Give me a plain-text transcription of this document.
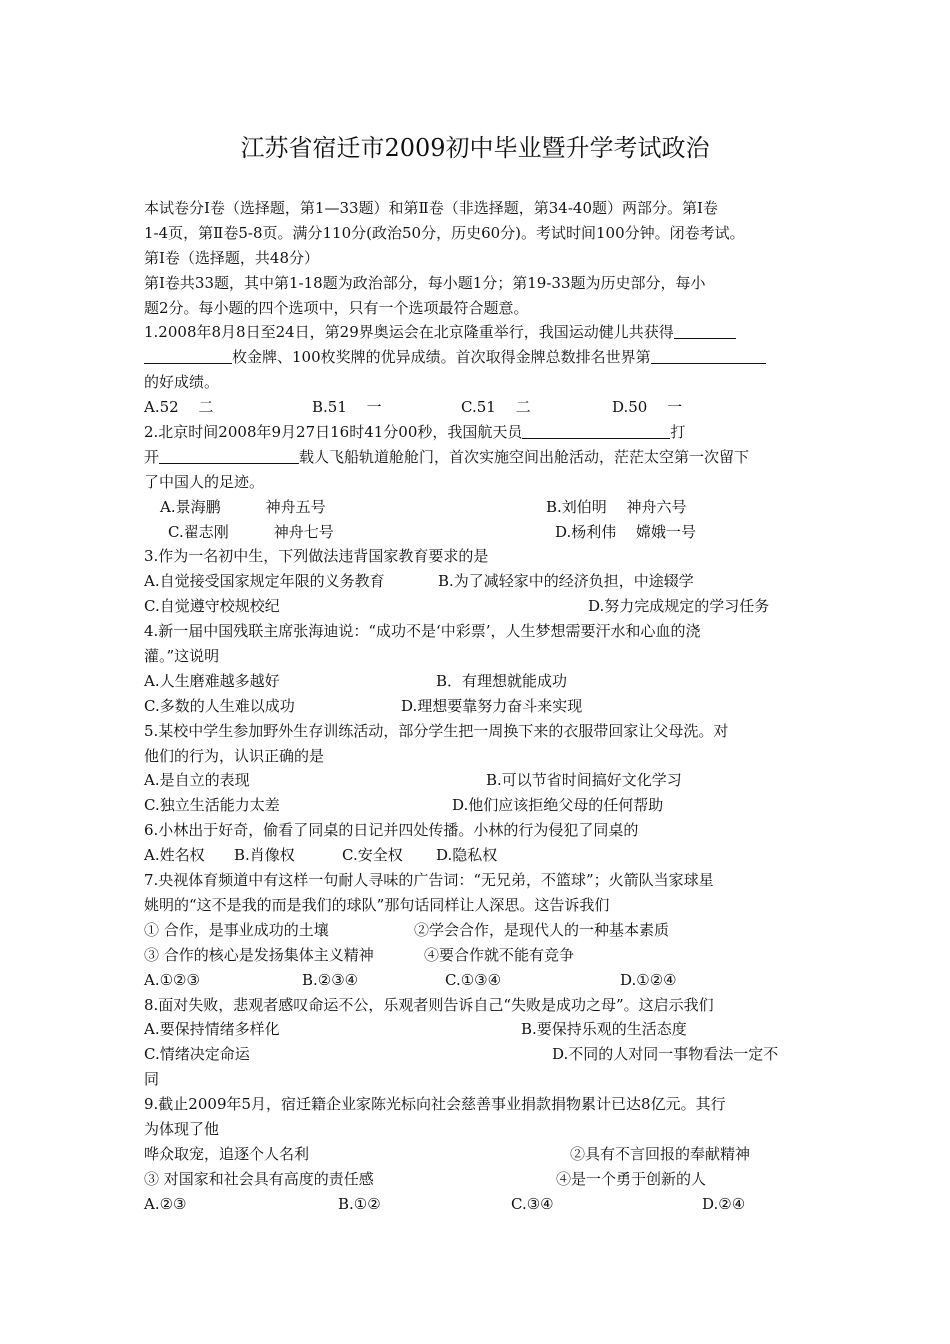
江苏省宿迁市2009初中毕业暨升学考试政治
本试卷分Ⅰ卷（选择题，第1—33题）和第Ⅱ卷（非选择题，第34-40题）两部分。第Ⅰ卷
1-4页，第Ⅱ卷5-8页。满分110分(政治50分，历史60分)。考试时间100分钟。闭卷考试。
第Ⅰ卷（选择题，共48分）
第Ⅰ卷共33题，其中第1-18题为政治部分，每小题1分；第19-33题为历史部分，每小
题2分。每小题的四个选项中，只有一个选项最符合题意。
1.2008年8月8日至24日，第29界奥运会在北京隆重举行，我国运动健儿共获得
枚金牌、100枚奖牌的优异成绩。首次取得金牌总数排名世界第
的好成绩。
A.52　 二	B.51 　一	C.51 　二	D.50 　一
2.北京时间2008年9月27日16时41分00秒，我国航天员	打
开	载人飞船轨道舱舱门，首次实施空间出舱活动，茫茫太空第一次留下
了中国人的足迹。
A.景海鹏　　　神舟五号	B.刘伯明　 神舟六号
C.翟志刚　　　神舟七号	D.杨利伟　 嫦娥一号
3.作为一名初中生，下列做法违背国家教育要求的是
A.自觉接受国家规定年限的义务教育	B.为了减轻家中的经济负担，中途辍学
C.自觉遵守校规校纪	D.努力完成规定的学习任务
4.新一届中国残联主席张海迪说：“成功不是‘中彩票’，人生梦想需要汗水和心血的浇
灌。”这说明
A.人生磨难越多越好	B．有理想就能成功
C.多数的人生难以成功	D.理想要靠努力奋斗来实现
5.某校中学生参加野外生存训练活动，部分学生把一周换下来的衣服带回家让父母洗。对
他们的行为，认识正确的是
A.是自立的表现	B.可以节省时间搞好文化学习
C.独立生活能力太差	D.他们应该拒绝父母的任何帮助
6.小林出于好奇，偷看了同桌的日记并四处传播。小林的行为侵犯了同桌的
A.姓名权 B.肖像权	C.安全权 D.隐私权
7.央视体育频道中有这样一句耐人寻味的广告词：“无兄弟，不篮球”；火箭队当家球星
姚明的“这不是我的而是我们的球队”那句话同样让人深思。这告诉我们
① 合作，是事业成功的土壤	②学会合作，是现代人的一种基本素质
③ 合作的核心是发扬集体主义精神	④要合作就不能有竞争
A.①②③	B.②③④	C.①③④	D.①②④
8.面对失败，悲观者感叹命运不公，乐观者则告诉自己“失败是成功之母”。这启示我们
A.要保持情绪多样化	B.要保持乐观的生活态度
C.情绪决定命运	D.不同的人对同一事物看法一定不
同
9.截止2009年5月，宿迁籍企业家陈光标向社会慈善事业捐款捐物累计已达8亿元。其行
为体现了他
哗众取宠，追逐个人名利	②具有不言回报的奉献精神
③ 对国家和社会具有高度的责任感	④是一个勇于创新的人
A.②③	B.①②	C.③④	D.②④
